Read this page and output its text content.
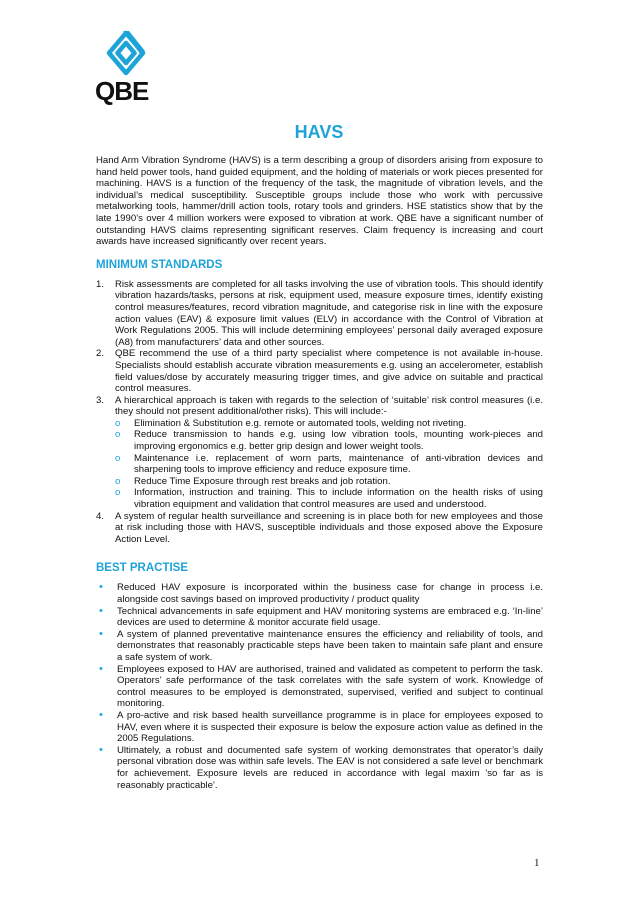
QBE
HAVS

Hand Arm Vibration Syndrome (HAVS) is a term describing a group of disorders arising from exposure to hand held power tools, hand guided equipment, and the holding of materials or work pieces presented for machining. HAVS is a function of the frequency of the task, the magnitude of vibration levels, and the individual’s medical susceptibility. Susceptible groups include those who work with percussive metalworking tools, hammer/drill action tools, rotary tools and grinders. HSE statistics show that by the late 1990’s over 4 million workers were exposed to vibration at work. QBE have a significant number of outstanding HAVS claims representing significant reserves. Claim frequency is increasing and court awards have increased significantly over recent years.

MINIMUM STANDARDS
1. Risk assessments are completed for all tasks involving the use of vibration tools. This should identify vibration hazards/tasks, persons at risk, equipment used, measure exposure times, identify existing control measures/features, record vibration magnitude, and categorise risk in line with the exposure action values (EAV) & exposure limit values (ELV) in accordance with the Control of Vibration at Work Regulations 2005. This will include determining employees’ personal daily averaged exposure (A8) from manufacturers’ data and other sources.
2. QBE recommend the use of a third party specialist where competence is not available in-house. Specialists should establish accurate vibration measurements e.g. using an accelerometer, establish field values/dose by accurately measuring trigger times, and give advice on suitable and practical control measures.
3. A hierarchical approach is taken with regards to the selection of ‘suitable’ risk control measures (i.e. they should not present additional/other risks). This will include:-
o Elimination & Substitution e.g. remote or automated tools, welding not riveting.
o Reduce transmission to hands e.g. using low vibration tools, mounting work-pieces and improving ergonomics e.g. better grip design and lower weight tools.
o Maintenance i.e. replacement of worn parts, maintenance of anti-vibration devices and sharpening tools to improve efficiency and reduce exposure time.
o Reduce Time Exposure through rest breaks and job rotation.
o Information, instruction and training. This to include information on the health risks of using vibration equipment and validation that control measures are used and understood.
4. A system of regular health surveillance and screening is in place both for new employees and those at risk including those with HAVS, susceptible individuals and those exposed above the Exposure Action Level.
BEST PRACTISE
• Reduced HAV exposure is incorporated within the business case for change in process i.e. alongside cost savings based on improved productivity / product quality
• Technical advancements in safe equipment and HAV monitoring systems are embraced e.g. ‘In-line’ devices are used to determine & monitor accurate field usage.
• A system of planned preventative maintenance ensures the efficiency and reliability of tools, and demonstrates that reasonably practicable steps have been taken to maintain safe plant and ensure a safe system of work.
• Employees exposed to HAV are authorised, trained and validated as competent to perform the task. Operators’ safe performance of the task correlates with the safe system of work. Knowledge of control measures to be employed is demonstrated, supervised, verified and subject to continual monitoring.
• A pro-active and risk based health surveillance programme is in place for employees exposed to HAV, even where it is suspected their exposure is below the exposure action value as defined in the 2005 Regulations.
• Ultimately, a robust and documented safe system of working demonstrates that operator’s daily personal vibration dose was within safe levels. The EAV is not considered a safe level or benchmark for achievement. Exposure levels are reduced in accordance with legal maxim 'so far as is reasonably practicable'.
1
